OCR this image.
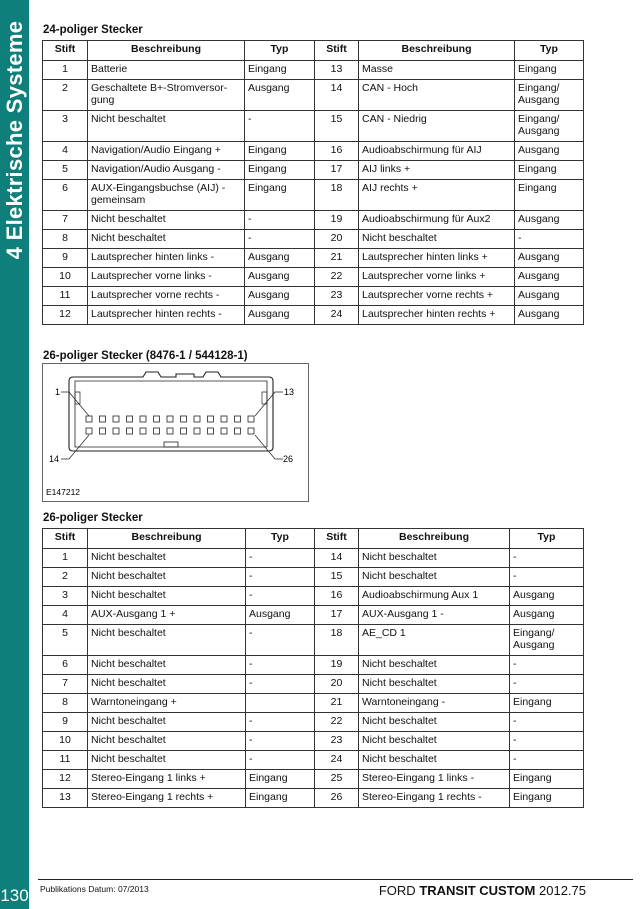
4 Elektrische Systeme
130
24-poliger Stecker
Stift	Beschreibung	Typ	Stift	Beschreibung	Typ
1	Batterie	Eingang	13	Masse	Eingang
2	Geschaltete B+-Stromversor-gung	Ausgang	14	CAN - Hoch	Eingang/ Ausgang
3	Nicht beschaltet	-	15	CAN - Niedrig	Eingang/ Ausgang
4	Navigation/Audio Eingang +	Eingang	16	Audioabschirmung für AIJ	Ausgang
5	Navigation/Audio Ausgang -	Eingang	17	AIJ links +	Eingang
6	AUX-Eingangsbuchse (AIJ) - gemeinsam	Eingang	18	AIJ rechts +	Eingang
7	Nicht beschaltet	-	19	Audioabschirmung für Aux2	Ausgang
8	Nicht beschaltet	-	20	Nicht beschaltet	-
9	Lautsprecher hinten links -	Ausgang	21	Lautsprecher hinten links +	Ausgang
10	Lautsprecher vorne links -	Ausgang	22	Lautsprecher vorne links +	Ausgang
11	Lautsprecher vorne rechts -	Ausgang	23	Lautsprecher vorne rechts +	Ausgang
12	Lautsprecher hinten rechts -	Ausgang	24	Lautsprecher hinten rechts +	Ausgang
26-poliger Stecker (8476-1 / 544128-1)
1	13
14	26
E147212
26-poliger Stecker
Stift	Beschreibung	Typ	Stift	Beschreibung	Typ
1	Nicht beschaltet	-	14	Nicht beschaltet	-
2	Nicht beschaltet	-	15	Nicht beschaltet	-
3	Nicht beschaltet	-	16	Audioabschirmung Aux 1	Ausgang
4	AUX-Ausgang 1 +	Ausgang	17	AUX-Ausgang 1 -	Ausgang
5	Nicht beschaltet	-	18	AE_CD 1	Eingang/ Ausgang
6	Nicht beschaltet	-	19	Nicht beschaltet	-
7	Nicht beschaltet	-	20	Nicht beschaltet	-
8	Warntoneingang +		21	Warntoneingang -	Eingang
9	Nicht beschaltet	-	22	Nicht beschaltet	-
10	Nicht beschaltet	-	23	Nicht beschaltet	-
11	Nicht beschaltet	-	24	Nicht beschaltet	-
12	Stereo-Eingang 1 links +	Eingang	25	Stereo-Eingang 1 links -	Eingang
13	Stereo-Eingang 1 rechts +	Eingang	26	Stereo-Eingang 1 rechts -	Eingang
Publikations Datum: 07/2013	FORD TRANSIT CUSTOM 2012.75
